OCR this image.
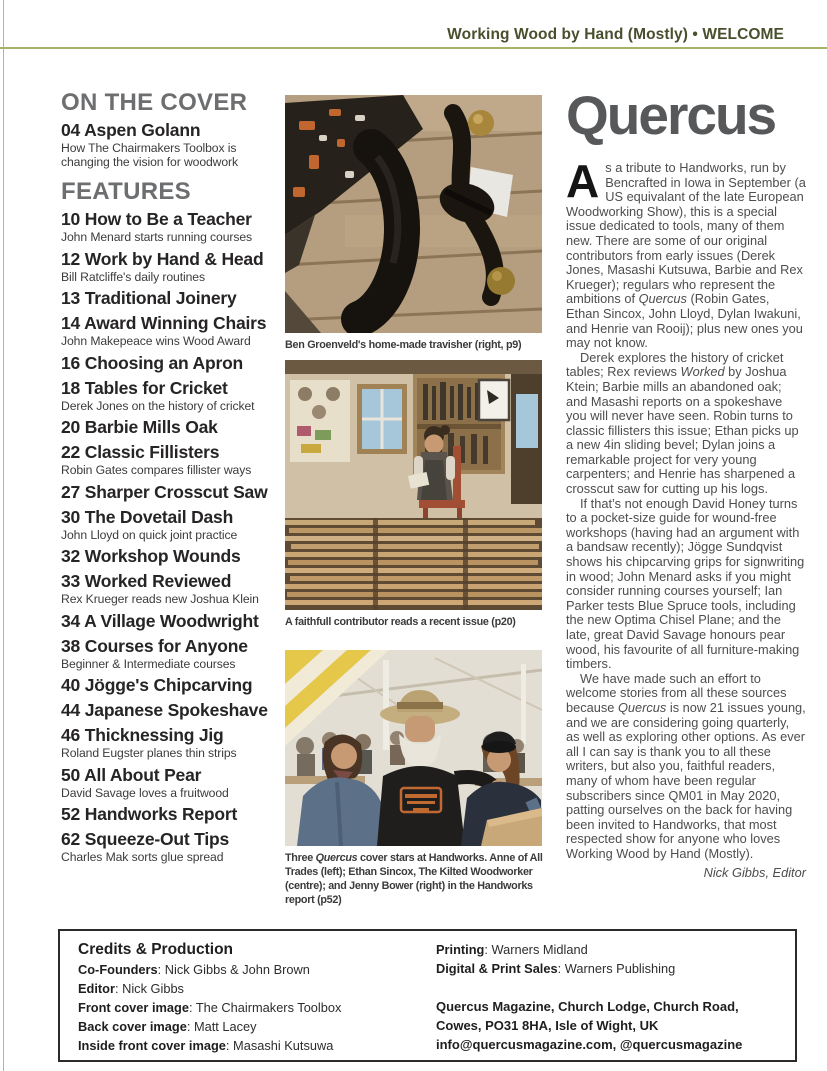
Working Wood by Hand (Mostly) • WELCOME
ON THE COVER
04 Aspen Golann
How The Chairmakers Toolbox is changing the vision for woodwork
FEATURES
10 How to Be a Teacher
John Menard starts running courses
12 Work by Hand & Head
Bill Ratcliffe's daily routines
13 Traditional Joinery
14 Award Winning Chairs
John Makepeace wins Wood Award
16 Choosing an Apron
18 Tables for Cricket
Derek Jones on the history of cricket
20 Barbie Mills Oak
22 Classic Fillisters
Robin Gates compares fillister ways
27 Sharper Crosscut Saw
30 The Dovetail Dash
John Lloyd on quick joint practice
32 Workshop Wounds
33 Worked Reviewed
Rex Krueger reads new Joshua Klein
34 A Village Woodwright
38 Courses for Anyone
Beginner & Intermediate courses
40 Jögge's Chipcarving
44 Japanese Spokeshave
46 Thicknessing Jig
Roland Eugster planes thin strips
50 All About Pear
David Savage loves a fruitwood
52 Handworks Report
62 Squeeze-Out Tips
Charles Mak sorts glue spread
Ben Groenveld's home-made travisher (right, p9)
A faithfull contributor reads a recent issue (p20)
Three Quercus cover stars at Handworks. Anne of All Trades (left); Ethan Sincox, The Kilted Woodworker (centre); and Jenny Bower (right) in the Handworks report (p52)
Quercus

As a tribute to Handworks, run by Bencrafted in Iowa in September (a US equivalant of the late European Woodworking Show), this is a special issue dedicated to tools, many of them new. There are some of our original contributors from early issues (Derek Jones, Masashi Kutsuwa, Barbie and Rex Krueger); regulars who represent the ambitions of Quercus (Robin Gates, Ethan Sincox, John Lloyd, Dylan Iwakuni, and Henrie van Rooij); plus new ones you may not know.

Derek explores the history of cricket tables; Rex reviews Worked by Joshua Ktein; Barbie mills an abandoned oak; and Masashi reports on a spokeshave you will never have seen. Robin turns to classic fillisters this issue; Ethan picks up a new 4in sliding bevel; Dylan joins a remarkable project for very young carpenters; and Henrie has sharpened a crosscut saw for cutting up his logs.

If that’s not enough David Honey turns to a pocket-size guide for wound-free workshops (having had an argument with a bandsaw recently); Jögge Sundqvist shows his chipcarving grips for signwriting in wood; John Menard asks if you might consider running courses yourself; Ian Parker tests Blue Spruce tools, including the new Optima Chisel Plane; and the late, great David Savage honours pear wood, his favourite of all furniture-making timbers.

We have made such an effort to welcome stories from all these sources because Quercus is now 21 issues young, and we are considering going quarterly, as well as exploring other options. As ever all I can say is thank you to all these writers, but also you, faithful readers, many of whom have been regular subscribers since QM01 in May 2020, patting ourselves on the back for having been invited to Handworks, that most respected show for anyone who loves Working Wood by Hand (Mostly).

Nick Gibbs, Editor
Credits & Production
Co-Founders: Nick Gibbs & John Brown
Editor: Nick Gibbs
Front cover image: The Chairmakers Toolbox
Back cover image: Matt Lacey
Inside front cover image: Masashi Kutsuwa
Printing: Warners Midland
Digital & Print Sales: Warners Publishing
Quercus Magazine, Church Lodge, Church Road,
Cowes, PO31 8HA, Isle of Wight, UK
info@quercusmagazine.com, @quercusmagazine
